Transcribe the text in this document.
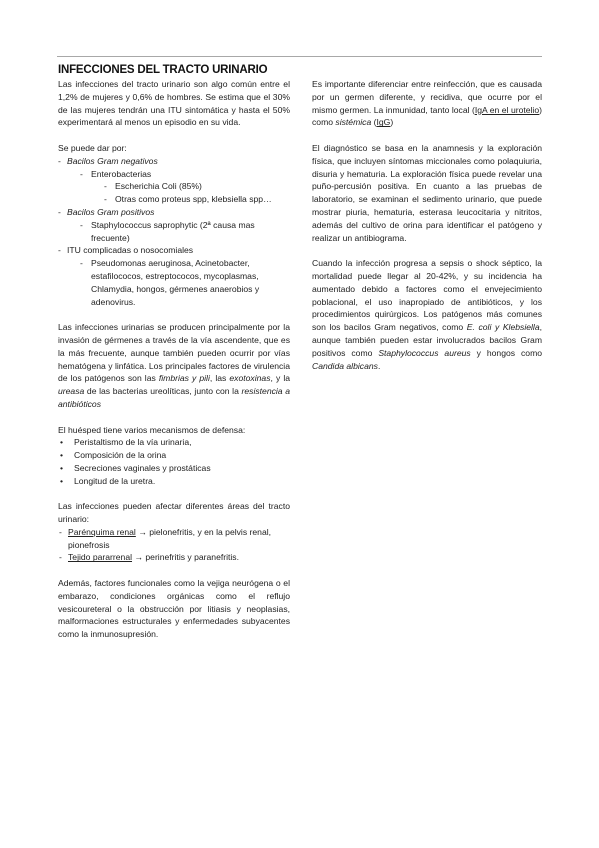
INFECCIONES DEL TRACTO URINARIO

Las infecciones del tracto urinario son algo común entre el 1,2% de mujeres y 0,6% de hombres. Se estima que el 30% de las mujeres tendrán una ITU sintomática y hasta el 50% experimentará al menos un episodio en su vida.

Se puede dar por:

- Bacilos Gram negativos
- Enterobacterias
- Escherichia Coli (85%)
- Otras como proteus spp, klebsiella spp…
- Bacilos Gram positivos
- Staphylococcus saprophytic (2ª causa mas frecuente)
- ITU complicadas o nosocomiales
- Pseudomonas aeruginosa, Acinetobacter, estafilococos, estreptococos, mycoplasmas, Chlamydia, hongos, gérmenes anaerobios y adenovirus.

Las infecciones urinarias se producen principalmente por la invasión de gérmenes a través de la vía ascendente, que es la más frecuente, aunque también pueden ocurrir por vías hematógena y linfática. Los principales factores de virulencia de los patógenos son las fimbrias y pili, las exotoxinas, y la ureasa de las bacterias ureolíticas, junto con la resistencia a antibióticos

El huésped tiene varios mecanismos de defensa:

• Peristaltismo de la vía urinaria,
• Composición de la orina
• Secreciones vaginales y prostáticas
• Longitud de la uretra.

Las infecciones pueden afectar diferentes áreas del tracto urinario:

- Parénquima renal → pielonefritis, y en la pelvis renal, pionefrosis
- Tejido pararrenal → perinefritis y paranefritis.

Además, factores funcionales como la vejiga neurógena o el embarazo, condiciones orgánicas como el reflujo vesicoureteral o la obstrucción por litiasis y neoplasias, malformaciones estructurales y enfermedades subyacentes como la inmunosupresión.

Es importante diferenciar entre reinfección, que es causada por un germen diferente, y recidiva, que ocurre por el mismo germen. La inmunidad, tanto local (IgA en el urotelio) como sistémica (IgG)

El diagnóstico se basa en la anamnesis y la exploración física, que incluyen síntomas miccionales como polaquiuria, disuria y hematuria. La exploración física puede revelar una puño-percusión positiva. En cuanto a las pruebas de laboratorio, se examinan el sedimento urinario, que puede mostrar piuria, hematuria, esterasa leucocitaria y nitritos, además del cultivo de orina para identificar el patógeno y realizar un antibiograma.

Cuando la infección progresa a sepsis o shock séptico, la mortalidad puede llegar al 20-42%, y su incidencia ha aumentado debido a factores como el envejecimiento poblacional, el uso inapropiado de antibióticos, y los procedimientos quirúrgicos. Los patógenos más comunes son los bacilos Gram negativos, como E. coli y Klebsiella, aunque también pueden estar involucrados bacilos Gram positivos como Staphylococcus aureus y hongos como Candida albicans.
